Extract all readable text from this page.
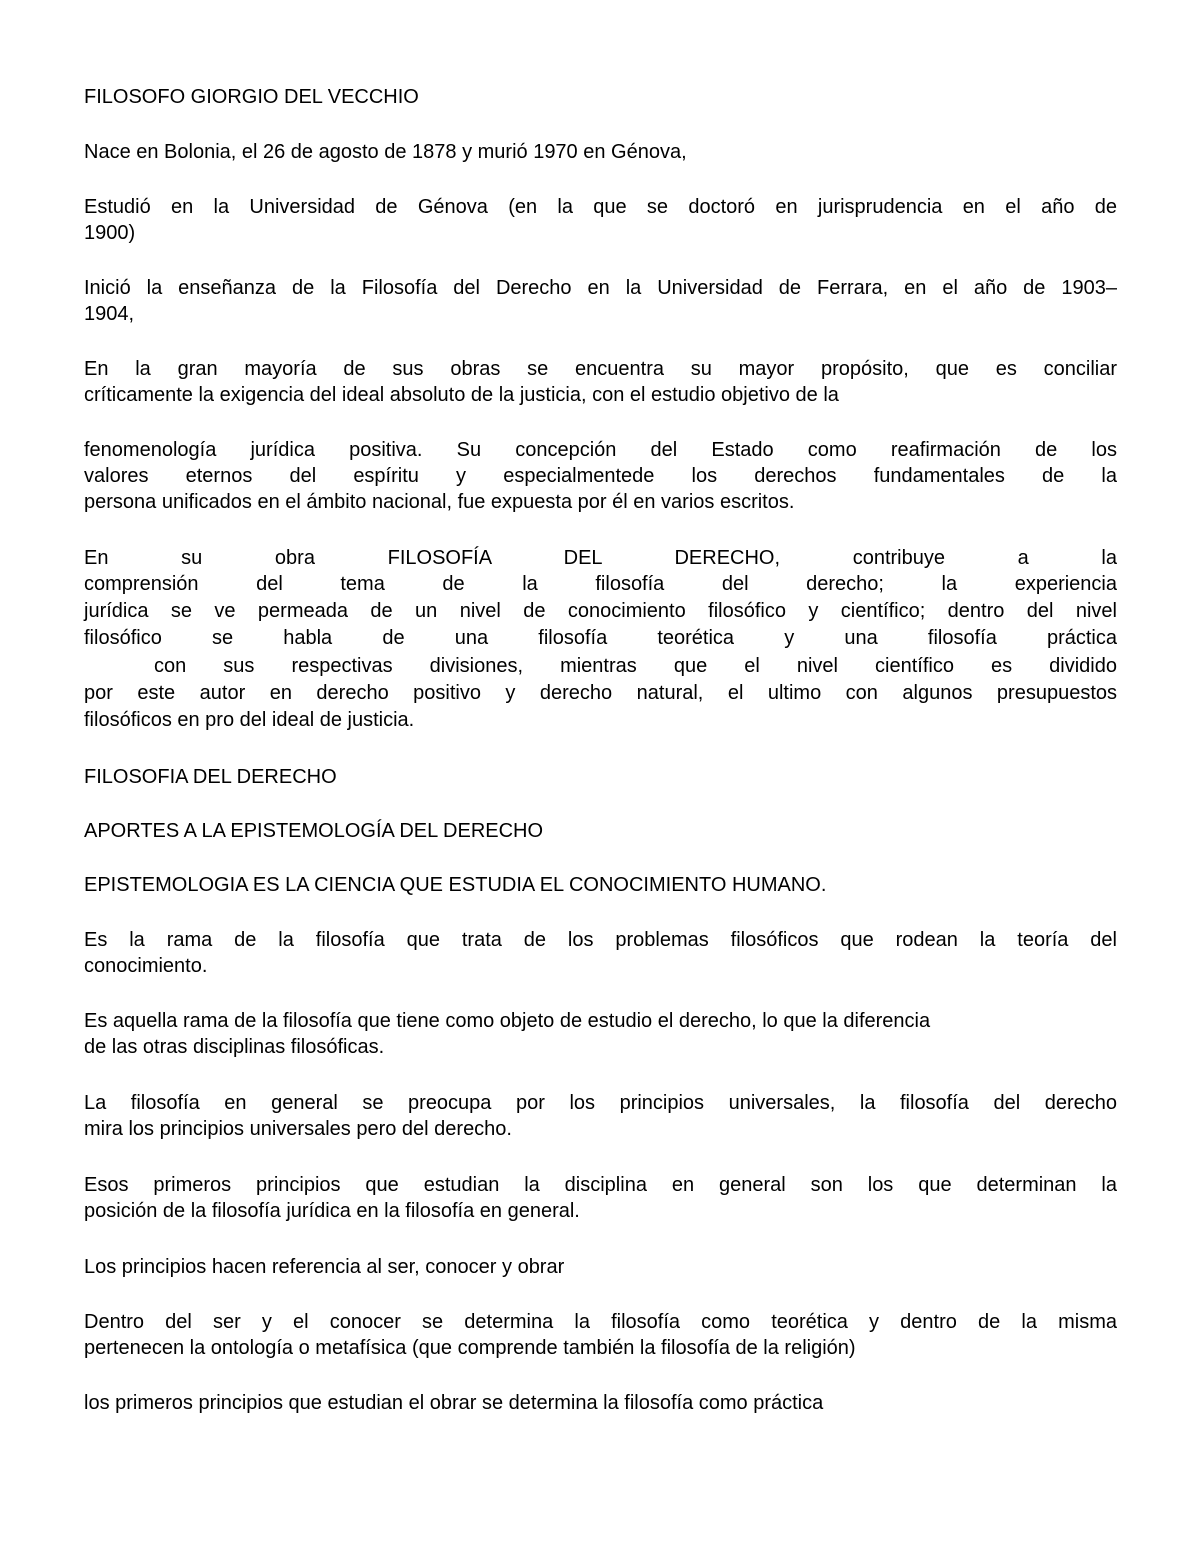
FILOSOFO GIORGIO DEL VECCHIO

Nace en Bolonia, el 26 de agosto de 1878 y murió 1970 en Génova,

Estudió en la Universidad de Génova (en la que se doctoró en jurisprudencia en el año de

1900)

Inició la enseñanza de la Filosofía del Derecho en la Universidad de Ferrara, en el año de 1903–

1904,

En la gran mayoría de sus obras se encuentra su mayor propósito, que es conciliar

críticamente la exigencia del ideal absoluto de la justicia, con el estudio objetivo de la

fenomenología jurídica positiva. Su concepción del Estado como reafirmación de los

valores eternos del espíritu y especialmentede los derechos fundamentales de la

persona unificados en el ámbito nacional, fue expuesta por él en varios escritos.

En su obra FILOSOFÍA DEL DERECHO, contribuye a la

comprensión del tema de la filosofía del derecho; la experiencia

jurídica se ve permeada de un nivel de conocimiento filosófico y científico; dentro del nivel

filosófico se habla de una filosofía teorética y una filosofía práctica

con sus respectivas divisiones, mientras que el nivel científico es dividido

por este autor en derecho positivo y derecho natural, el ultimo con algunos presupuestos

filosóficos en pro del ideal de justicia.

FILOSOFIA DEL DERECHO

APORTES A LA EPISTEMOLOGÍA DEL DERECHO

EPISTEMOLOGIA ES LA CIENCIA QUE ESTUDIA EL CONOCIMIENTO HUMANO.

Es la rama de la filosofía que trata de los problemas filosóficos que rodean la teoría del

conocimiento.

Es aquella rama de la filosofía que tiene como objeto de estudio el derecho, lo que la diferencia

de las otras disciplinas filosóficas.

La filosofía en general se preocupa por los principios universales, la filosofía del derecho

mira los principios universales pero del derecho.

Esos primeros principios que estudian la disciplina en general son los que determinan la

posición de la filosofía jurídica en la filosofía en general.

Los principios hacen referencia al ser, conocer y obrar

Dentro del ser y el conocer se determina la filosofía como teorética y dentro de la misma

pertenecen la ontología o metafísica (que comprende también la filosofía de la religión)

los primeros principios que estudian el obrar se determina la filosofía como práctica
